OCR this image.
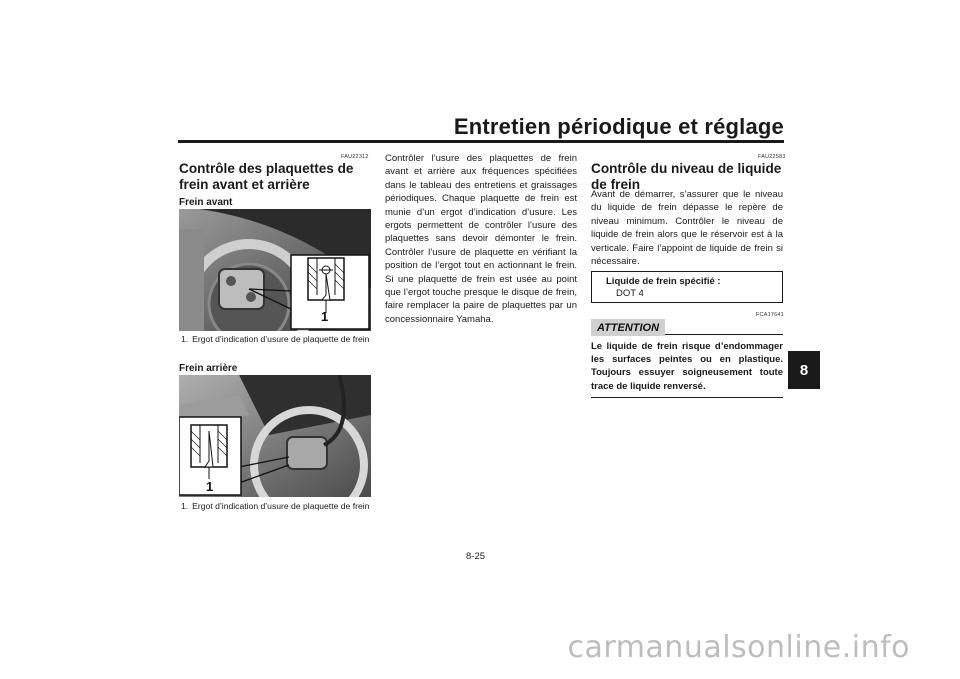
Entretien périodique et réglage
8
FAU22312
Contrôle des plaquettes de frein avant et arrière
Frein avant
1
1. Ergot d’indication d’usure de plaquette de frein
Frein arrière
1
1. Ergot d’indication d’usure de plaquette de frein

Contrôler l’usure des plaquettes de frein avant et arrière aux fréquences spécifiées dans le tableau des entretiens et graissages périodiques. Chaque plaquette de frein est munie d’un ergot d’indication d’usure. Les ergots permettent de contrôler l’usure des plaquettes sans devoir démonter le frein. Contrôler l’usure de plaquette en vérifiant la position de l’ergot tout en actionnant le frein. Si une plaquette de frein est usée au point que l’ergot touche presque le disque de frein, faire remplacer la paire de plaquettes par un concessionnaire Yamaha.

FAU22583
Contrôle du niveau de liquide de frein

Avant de démarrer, s’assurer que le niveau du liquide de frein dépasse le repère de niveau minimum. Contrôler le niveau de liquide de frein alors que le réservoir est à la verticale. Faire l’appoint de liquide de frein si nécessaire.

Liquide de frein spécifié :
DOT 4
FCA17641
ATTENTION

Le liquide de frein risque d’endommager les surfaces peintes ou en plastique. Toujours essuyer soigneusement toute trace de liquide renversé.

8-25
carmanualsonline.info
